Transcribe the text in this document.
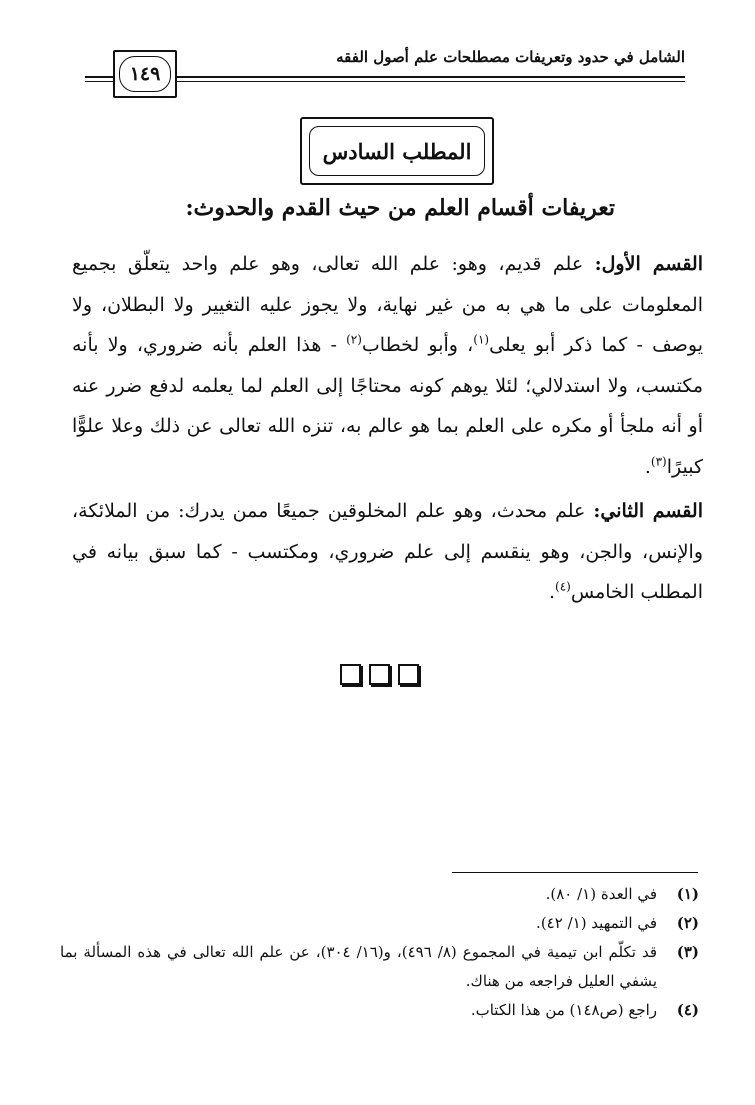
الشامل في حدود وتعريفات مصطلحات علم أصول الفقه
١٤٩
المطلب السادس
تعريفات أقسام العلم من حيث القدم والحدوث:

القسم الأول: علم قديم، وهو: علم الله تعالى، وهو علم واحد يتعلّق بجميع المعلومات على ما هي به من غير نهاية، ولا يجوز عليه التغيير ولا البطلان، ولا يوصف - كما ذكر أبو يعلى$^{(١)}$، وأبو لخطاب$^{(٢)}$ - هذا العلم بأنه ضروري، ولا بأنه مكتسب، ولا استدلالي؛ لئلا يوهم كونه محتاجًا إلى العلم لما يعلمه لدفع ضرر عنه أو أنه ملجأ أو مكره على العلم بما هو عالم به، تنزه الله تعالى عن ذلك وعلا علوًّا كبيرًا$^{(٣)}$.

القسم الثاني: علم محدث، وهو علم المخلوقين جميعًا ممن يدرك: من الملائكة، والإنس، والجن، وهو ينقسم إلى علم ضروري، ومكتسب - كما سبق بيانه في المطلب الخامس$^{(٤)}$.

(١)
في العدة (١/ ٨٠).
(٢)
في التمهيد (١/ ٤٢).
(٣)
قد تكلّم ابن تيمية في المجموع (٨/ ٤٩٦)، و(١٦/ ٣٠٤)، عن علم الله تعالى في هذه المسألة بما يشفي العليل فراجعه من هناك.
(٤)
راجع (ص١٤٨) من هذا الكتاب.
